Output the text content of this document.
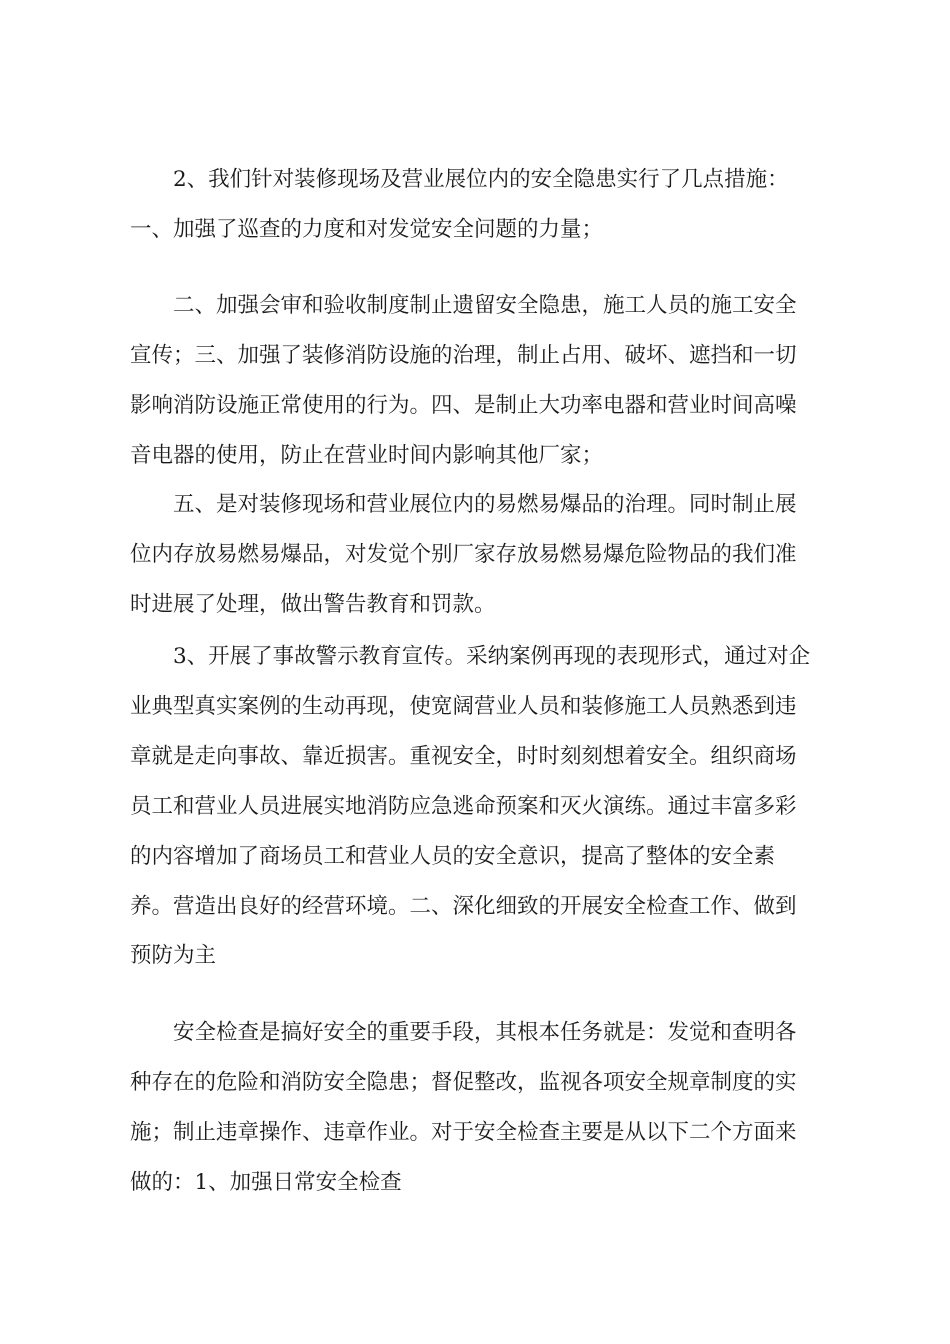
2、我们针对装修现场及营业展位内的安全隐患实行了几点措施：
一、加强了巡查的力度和对发觉安全问题的力量；
二、加强会审和验收制度制止遗留安全隐患，施工人员的施工安全
宣传；三、加强了装修消防设施的治理，制止占用、破坏、遮挡和一切
影响消防设施正常使用的行为。四、是制止大功率电器和营业时间高噪
音电器的使用，防止在营业时间内影响其他厂家；
五、是对装修现场和营业展位内的易燃易爆品的治理。同时制止展
位内存放易燃易爆品，对发觉个别厂家存放易燃易爆危险物品的我们准
时进展了处理，做出警告教育和罚款。
3、开展了事故警示教育宣传。采纳案例再现的表现形式，通过对企
业典型真实案例的生动再现，使宽阔营业人员和装修施工人员熟悉到违
章就是走向事故、靠近损害。重视安全，时时刻刻想着安全。组织商场
员工和营业人员进展实地消防应急逃命预案和灭火演练。通过丰富多彩
的内容增加了商场员工和营业人员的安全意识，提高了整体的安全素
养。营造出良好的经营环境。二、深化细致的开展安全检查工作、做到
预防为主
安全检查是搞好安全的重要手段，其根本任务就是：发觉和查明各
种存在的危险和消防安全隐患；督促整改，监视各项安全规章制度的实
施；制止违章操作、违章作业。对于安全检查主要是从以下二个方面来
做的：1、加强日常安全检查
